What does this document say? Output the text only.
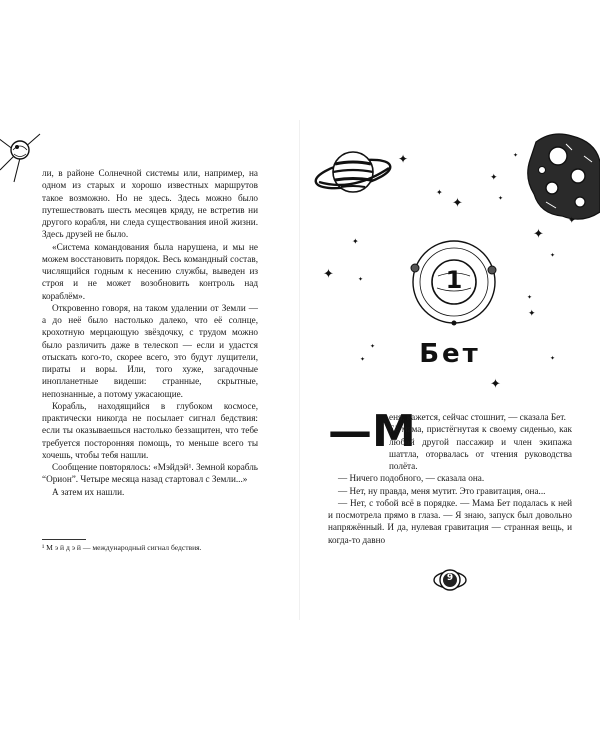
ли, в районе Солнечной системы или, например, на одном из старых и хорошо известных маршрутов такое возможно. Но не здесь. Здесь можно было путешествовать шесть месяцев кряду, не встретив ни другого корабля, ни следа существования иной жизни. Здесь друзей не было.

«Система командования была нарушена, и мы не можем восстановить порядок. Весь командный состав, числящийся годным к несению службы, выведен из строя и не может возобновить контроль над кораблём».

Откровенно говоря, на таком удалении от Земли — а до неё было настолько далеко, что её солнце, крохотную мерцающую звёздочку, с трудом можно было различить даже в телескоп — если и удастся отыскать кого-то, скорее всего, это будут лущители, пираты и воры. Или, того хуже, загадочные инопланетные видеши: странные, скрытные, непознанные, а потому ужасающие.

Корабль, находящийся в глубоком космосе, практически никогда не посылает сигнал бедствия: если ты оказываешься настолько беззащитен, что тебе требуется посторонняя помощь, то меньше всего ты хочешь, чтобы тебя нашли.

Сообщение повторялось: «Мэйдэй¹. Земной корабль “Орион”. Четыре месяца назад стартовал с Земли...»

А затем их нашли.

¹ М э й д э й — международный сигнал бедствия.
✦
✦
✦
✦
✦
✦
✦
✦
✦
✦
✦	✦
✦
✦
✦
✦
✦
✦
1
Бет
—М

еня, кажется, сейчас стошнит, — сказала Бет.

Её мама, пристёгнутая к своему сиденью, как любой другой пассажир и член экипажа шаттла, оторвалась от чтения руководства полёта.

— Ничего подобного, — сказала она.

— Нет, ну правда, меня мутит. Это гравитация, она...

— Нет, с тобой всё в порядке. — Мама Бет подалась к ней и посмотрела прямо в глаза. — Я знаю, запуск был довольно напряжённый. И да, нулевая гравитация — странная вещь, и когда-то давно

9
